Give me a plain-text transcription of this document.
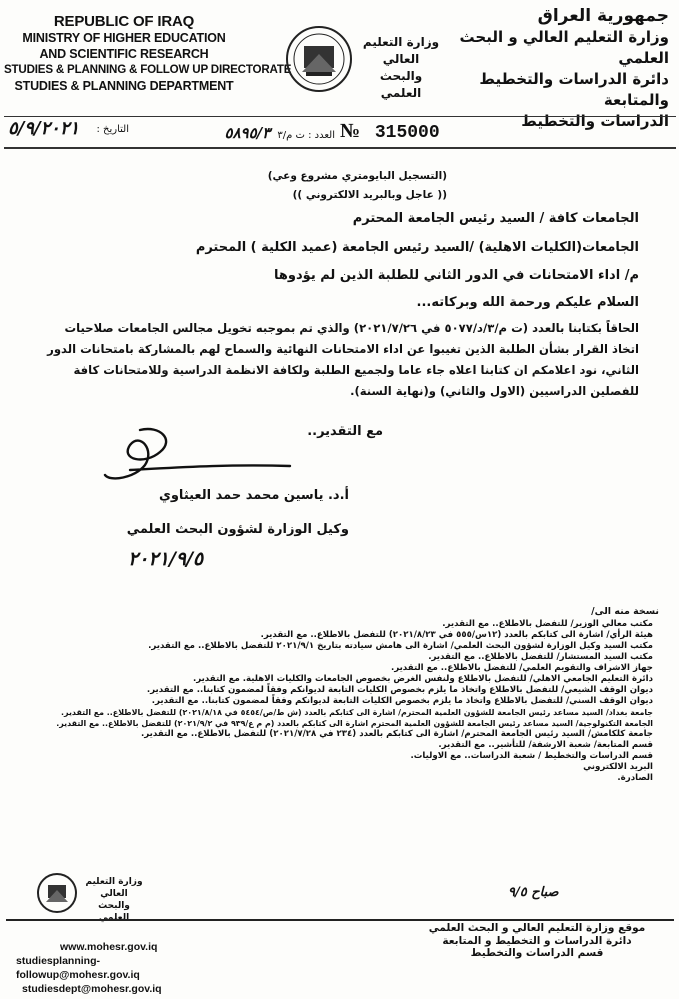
REPUBLIC OF IRAQ
MINISTRY OF HIGHER EDUCATION
AND SCIENTIFIC RESEARCH
STUDIES & PLANNING & FOLLOW UP DIRECTORATE
STUDIES & PLANNING DEPARTMENT
وزارة التعليم العالي
والبحث العلمي
جمهورية العراق
وزارة التعليم العالي و البحث العلمي
دائرة الدراسات والتخطيط والمتابعة
الدراسات والتخطيط
№ 315000
العدد : ت م/٣ ٥٨٩٥/٣
التاريخ :
٥/٩/٢٠٢١
(التسجيل البايومتري مشروع وعي)
(( عاجل وبالبريد الالكتروني ))
الجامعات كافة / السيد رئيس الجامعة المحترم
الجامعات(الكليات الاهلية) /السيد رئيس الجامعة (عميد الكلية ) المحترم
م/ اداء الامتحانات في الدور الثاني للطلبة الذين لم يؤدوها
السلام عليكم ورحمة الله وبركاته...
الحاقاً بكتابنا بالعدد (ت م/٣/د/٥٠٧٧ في ٢٠٢١/٧/٢٦) والذي تم بموجبه تخويل مجالس الجامعات صلاحيات
اتخاذ القرار بشأن الطلبة الذين تغيبوا عن اداء الامتحانات النهائية والسماح لهم بالمشاركة بامتحانات الدور
الثاني، نود اعلامكم ان كتابنا اعلاه جاء عاما ولجميع الطلبة ولكافة الانظمة الدراسية وللامتحانات كافة
للفصلين الدراسيين (الاول والثاني) و(نهاية السنة).
مع التقدير..
أ.د. ياسين محمد حمد العيثاوي
وكيل الوزارة لشؤون البحث العلمي
٢٠٢١/٩/٥
نسخة منه الى/
مكتب معالي الوزير/ للتفضل بالاطلاع.. مع التقدير.
هيئة الرأي/ اشارة الى كتابكم بالعدد (١٢س/٥٥٥ في ٢٠٢١/٨/٢٣) للتفضل بالاطلاع.. مع التقدير.
مكتب السيد وكيل الوزارة لشؤون البحث العلمي/ اشارة الى هامش سيادته بتاريخ ٢٠٢١/٩/١ للتفضل بالاطلاع.. مع التقدير.
مكتب السيد المستشار/ للتفضل بالاطلاع.. مع التقدير.
جهاز الاشراف والتقويم العلمي/ للتفضل بالاطلاع.. مع التقدير.
دائرة التعليم الجامعي الاهلي/ للتفضل بالاطلاع ولنفس الغرض بخصوص الجامعات والكليات الاهلية. مع التقدير.
ديوان الوقف الشيعي/ للتفضل بالاطلاع واتخاذ ما يلزم بخصوص الكليات التابعة لديوانكم وفقاً لمضمون كتابنا.. مع التقدير.
ديوان الوقف السني/ للتفضل بالاطلاع واتخاذ ما يلزم بخصوص الكليات التابعة لديوانكم وفقاً لمضمون كتابنا.. مع التقدير.
جامعة بغداد/ السيد مساعد رئيس الجامعة للشؤون العلمية المحترم/ اشارة الى كتابكم بالعدد (ش ط/ص/٥٤٥٤ في ٢٠٢١/٨/١٨) للتفضل بالاطلاع.. مع التقدير.
الجامعة التكنولوجية/ السيد مساعد رئيس الجامعة للشؤون العلمية المحترم اشارة الى كتابكم بالعدد (م م ع/٩٣٩ في ٢٠٢١/٩/٢) للتفضل بالاطلاع.. مع التقدير.
جامعة كلكامش/ السيد رئيس الجامعة المحترم/ اشارة الى كتابكم بالعدد (٢٣٤ في ٢٠٢١/٧/٢٨) للتفضل بالاطلاع.. مع التقدير.
قسم المتابعة/ شعبة الارشفة/ للتأشير.. مع التقدير.
قسم الدراسات والتخطيط / شعبة الدراسات.. مع الاوليات.
البريد الالكتروني
الصادرة.
صباح ٩/٥
وزارة التعليم العالي
والبحث العلمي
موقع وزارة التعليم العالي و البحث العلمي
دائرة الدراسات و التخطيط و المتابعة
قسم الدراسات والتخطيط
www.mohesr.gov.iq
studiesplanning-followup@mohesr.gov.iq
studiesdept@mohesr.gov.iq
